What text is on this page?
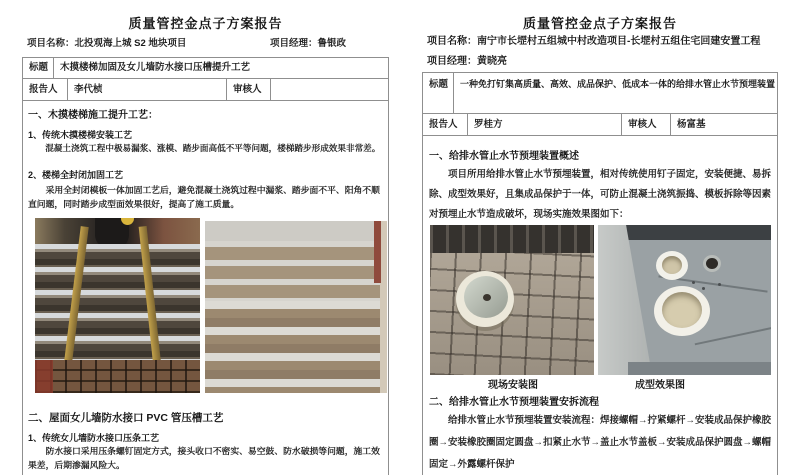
质量管控金点子方案报告
项目名称：北投观海上城 S2 地块项目	项目经理：鲁银政
标题	木摸楼梯加固及女儿墙防水接口压槽提升工艺
报告人	李代桢	审核人
一、木摸楼梯施工提升工艺：
1、传统木摸楼梯安装工艺
混凝土浇筑工程中极易漏浆、涨模、踏步面高低不平等问题，楼梯踏步形成效果非常差。
2、楼梯全封闭加固工艺
采用全封闭模板一体加固工艺后，避免混凝土浇筑过程中漏浆、踏步面不平、阳角不顺直问题，同时踏步成型面效果很好，提高了施工质量。
二、屋面女儿墙防水接口 PVC 管压槽工艺
1、传统女儿墙防水接口压条工艺
防水接口采用压条螺钉固定方式，接头收口不密实、易空鼓、防水破损等问题，施工效果差，后期渗漏风险大。
质量管控金点子方案报告
项目名称：南宁市长堽村五组城中村改造项目-长堽村五组住宅回建安置工程
项目经理：黄晓亮
标题	一种免打钉集高质量、高效、成品保护、低成本一体的给排水管止水节预埋装置
报告人	罗桂方	审核人	杨富基
一、给排水管止水节预埋装置概述
项目所用给排水管止水节预埋装置，相对传统使用钉子固定，安装便捷、易拆除、成型效果好，且集成品保护于一体，可防止混凝土浇筑振捣、模板拆除等因素对预埋止水节造成破坏，现场实施效果图如下：
现场安装图	成型效果图
二、给排水管止水节预埋装置安拆流程
给排水管止水节预埋装置安装流程：焊接螺帽→拧紧螺杆→安装成品保护橡胶圈→安装橡胶圈固定圆盘→扣紧止水节→盖止水节盖板→安装成品保护圆盘→螺帽固定→外露螺杆保护
